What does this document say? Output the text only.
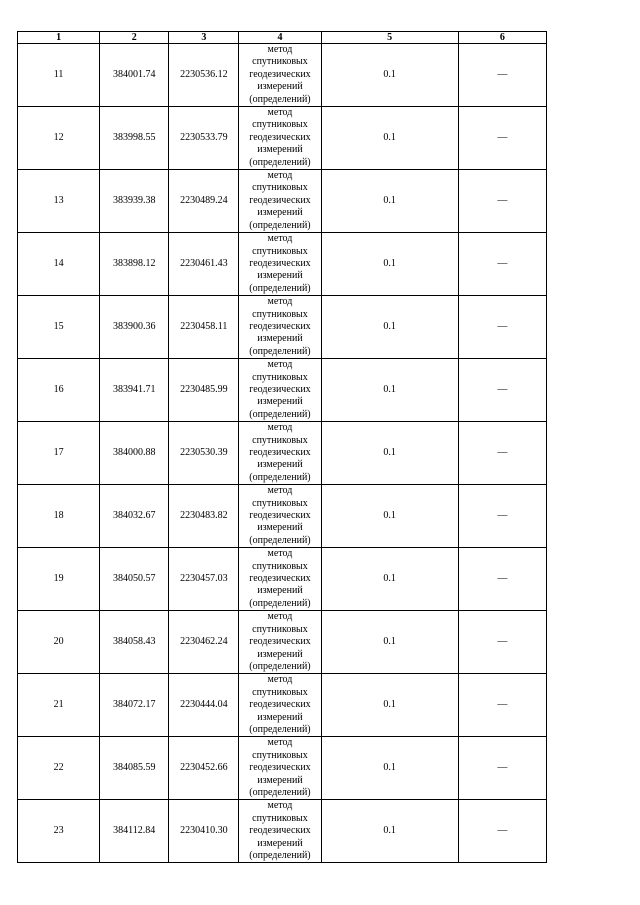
1	2	3	4	5	6
11	384001.74	2230536.12	метод
спутниковых
геодезических
измерений
(определений)	0.1	—
12	383998.55	2230533.79	метод
спутниковых
геодезических
измерений
(определений)	0.1	—
13	383939.38	2230489.24	метод
спутниковых
геодезических
измерений
(определений)	0.1	—
14	383898.12	2230461.43	метод
спутниковых
геодезических
измерений
(определений)	0.1	—
15	383900.36	2230458.11	метод
спутниковых
геодезических
измерений
(определений)	0.1	—
16	383941.71	2230485.99	метод
спутниковых
геодезических
измерений
(определений)	0.1	—
17	384000.88	2230530.39	метод
спутниковых
геодезических
измерений
(определений)	0.1	—
18	384032.67	2230483.82	метод
спутниковых
геодезических
измерений
(определений)	0.1	—
19	384050.57	2230457.03	метод
спутниковых
геодезических
измерений
(определений)	0.1	—
20	384058.43	2230462.24	метод
спутниковых
геодезических
измерений
(определений)	0.1	—
21	384072.17	2230444.04	метод
спутниковых
геодезических
измерений
(определений)	0.1	—
22	384085.59	2230452.66	метод
спутниковых
геодезических
измерений
(определений)	0.1	—
23	384112.84	2230410.30	метод
спутниковых
геодезических
измерений
(определений)	0.1	—
